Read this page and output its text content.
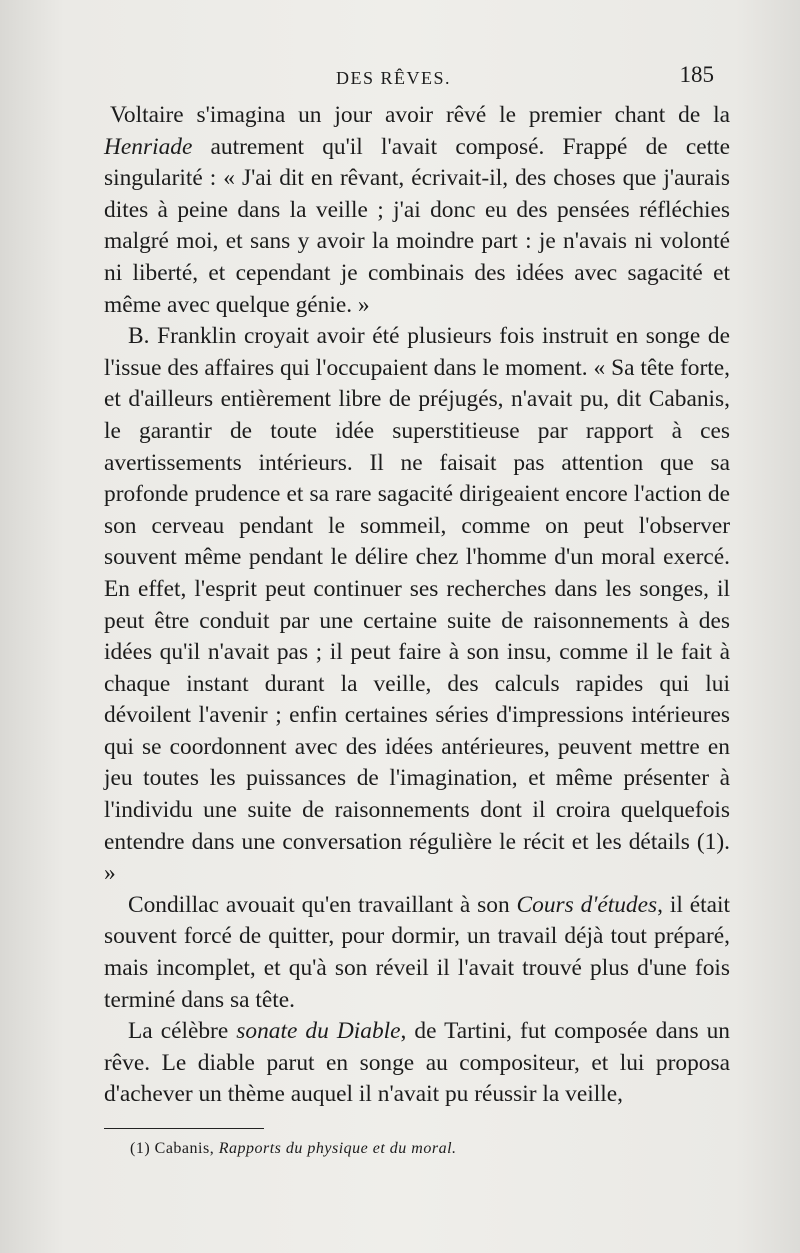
DES RÊVES.	185

Voltaire s'imagina un jour avoir rêvé le premier chant de la Henriade autrement qu'il l'avait composé. Frappé de cette singularité : « J'ai dit en rêvant, écrivait-il, des choses que j'aurais dites à peine dans la veille ; j'ai donc eu des pensées réfléchies malgré moi, et sans y avoir la moindre part : je n'avais ni volonté ni liberté, et cependant je combinais des idées avec sagacité et même avec quelque génie. »

B. Franklin croyait avoir été plusieurs fois instruit en songe de l'issue des affaires qui l'occupaient dans le moment. « Sa tête forte, et d'ailleurs entièrement libre de préjugés, n'avait pu, dit Cabanis, le garantir de toute idée superstitieuse par rapport à ces avertissements intérieurs. Il ne faisait pas attention que sa profonde prudence et sa rare sagacité dirigeaient encore l'action de son cerveau pendant le sommeil, comme on peut l'observer souvent même pendant le délire chez l'homme d'un moral exercé. En effet, l'esprit peut continuer ses recherches dans les songes, il peut être conduit par une certaine suite de raisonnements à des idées qu'il n'avait pas ; il peut faire à son insu, comme il le fait à chaque instant durant la veille, des calculs rapides qui lui dévoilent l'avenir ; enfin certaines séries d'impressions intérieures qui se coordonnent avec des idées antérieures, peuvent mettre en jeu toutes les puissances de l'imagination, et même présenter à l'individu une suite de raisonnements dont il croira quelquefois entendre dans une conversation régulière le récit et les détails (1). »

Condillac avouait qu'en travaillant à son Cours d'études, il était souvent forcé de quitter, pour dormir, un travail déjà tout préparé, mais incomplet, et qu'à son réveil il l'avait trouvé plus d'une fois terminé dans sa tête.

La célèbre sonate du Diable, de Tartini, fut composée dans un rêve. Le diable parut en songe au compositeur, et lui proposa d'achever un thème auquel il n'avait pu réussir la veille,

(1) Cabanis, Rapports du physique et du moral.
